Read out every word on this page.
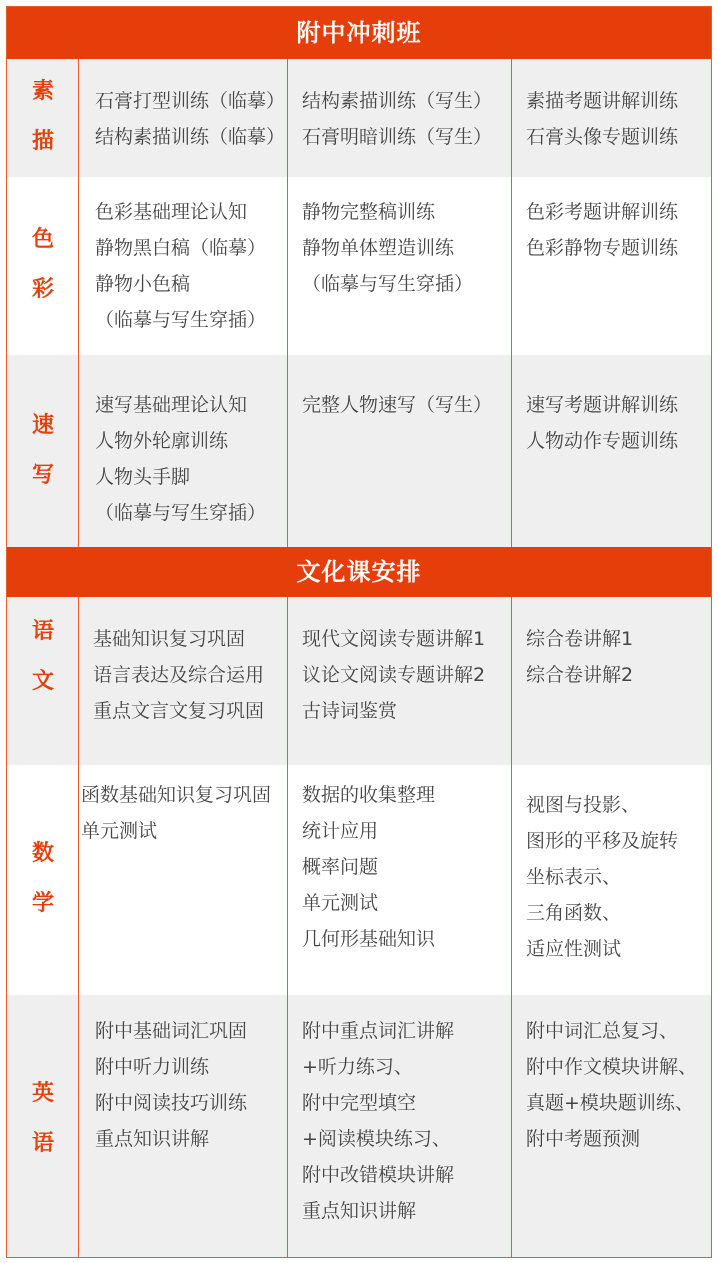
附中冲刺班
素
描
石膏打型训练（临摹）
结构素描训练（临摹）
结构素描训练（写生）
石膏明暗训练（写生）
素描考题讲解训练
石膏头像专题训练
色
彩
色彩基础理论认知
静物黑白稿（临摹）
静物小色稿
（临摹与写生穿插）
静物完整稿训练
静物单体塑造训练
（临摹与写生穿插）
色彩考题讲解训练
色彩静物专题训练
速
写
速写基础理论认知
人物外轮廓训练
人物头手脚
（临摹与写生穿插）
完整人物速写（写生） 速写考题讲解训练
人物动作专题训练
文化课安排
语
文
基础知识复习巩固
语言表达及综合运用
重点文言文复习巩固
现代文阅读专题讲解1
议论文阅读专题讲解2
古诗词鉴赏
综合卷讲解1
综合卷讲解2
数
学
函数基础知识复习巩固
单元测试
数据的收集整理
统计应用
概率问题
单元测试
几何形基础知识
视图与投影、
图形的平移及旋转
坐标表示、
三角函数、
适应性测试
英
语
附中基础词汇巩固
附中听力训练
附中阅读技巧训练
重点知识讲解
附中重点词汇讲解
+听力练习、
附中完型填空
+阅读模块练习、
附中改错模块讲解
重点知识讲解
附中词汇总复习、
附中作文模块讲解、
真题+模块题训练、
附中考题预测
